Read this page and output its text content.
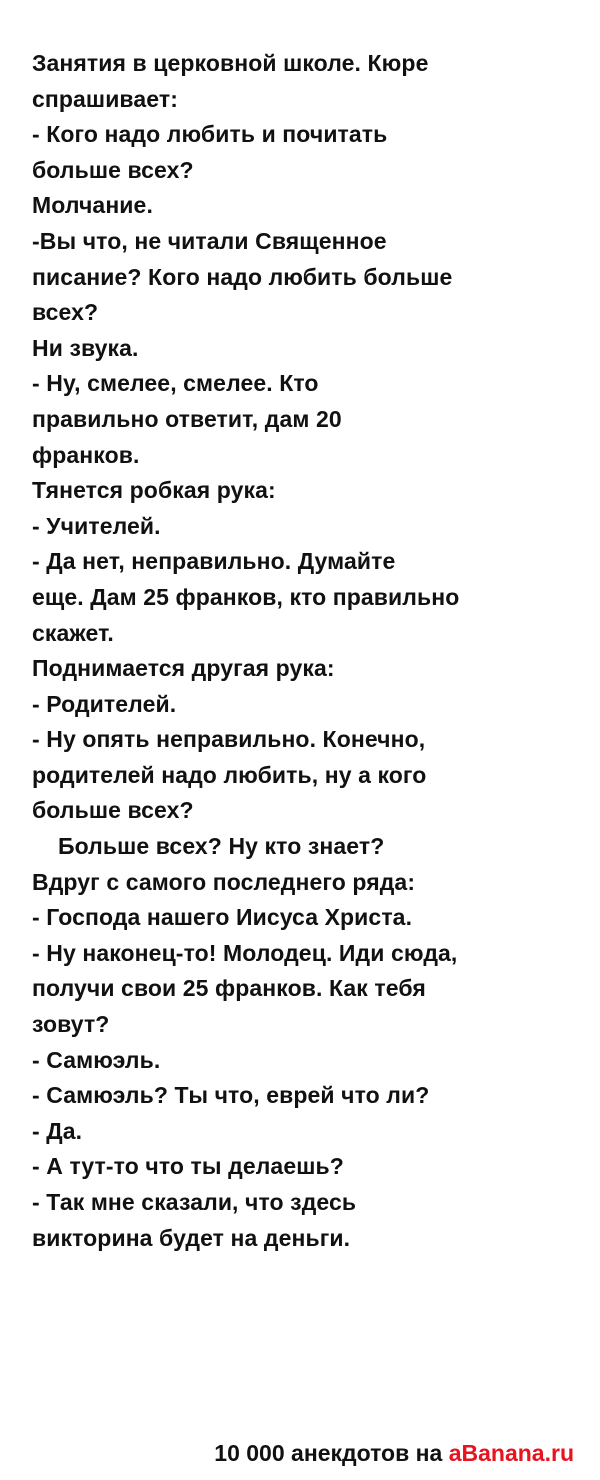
Занятия в церковной школе. Кюре
спрашивает:
- Кого надо любить и почитать
больше всех?
Молчание.
-Вы что, не читали Священное
писание? Кого надо любить больше
всех?
Ни звука.
- Ну, смелее, смелее. Кто
правильно ответит, дам 20
франков.
Тянется робкая рука:
- Учителей.
- Да нет, неправильно. Думайте
еще. Дам 25 франков, кто правильно
скажет.
Поднимается другая рука:
- Родителей.
- Ну опять неправильно. Конечно,
родителей надо любить, ну а кого
больше всех?
Больше всех? Ну кто знает?
Вдруг с самого последнего ряда:
- Господа нашего Иисуса Христа.
- Ну наконец-то! Молодец. Иди сюда,
получи свои 25 франков. Как тебя
зовут?
- Самюэль.
- Самюэль? Ты что, еврей что ли?
- Да.
- А тут-то что ты делаешь?
- Так мне сказали, что здесь
викторина будет на деньги.
10 000 анекдотов на aBanana.ru
